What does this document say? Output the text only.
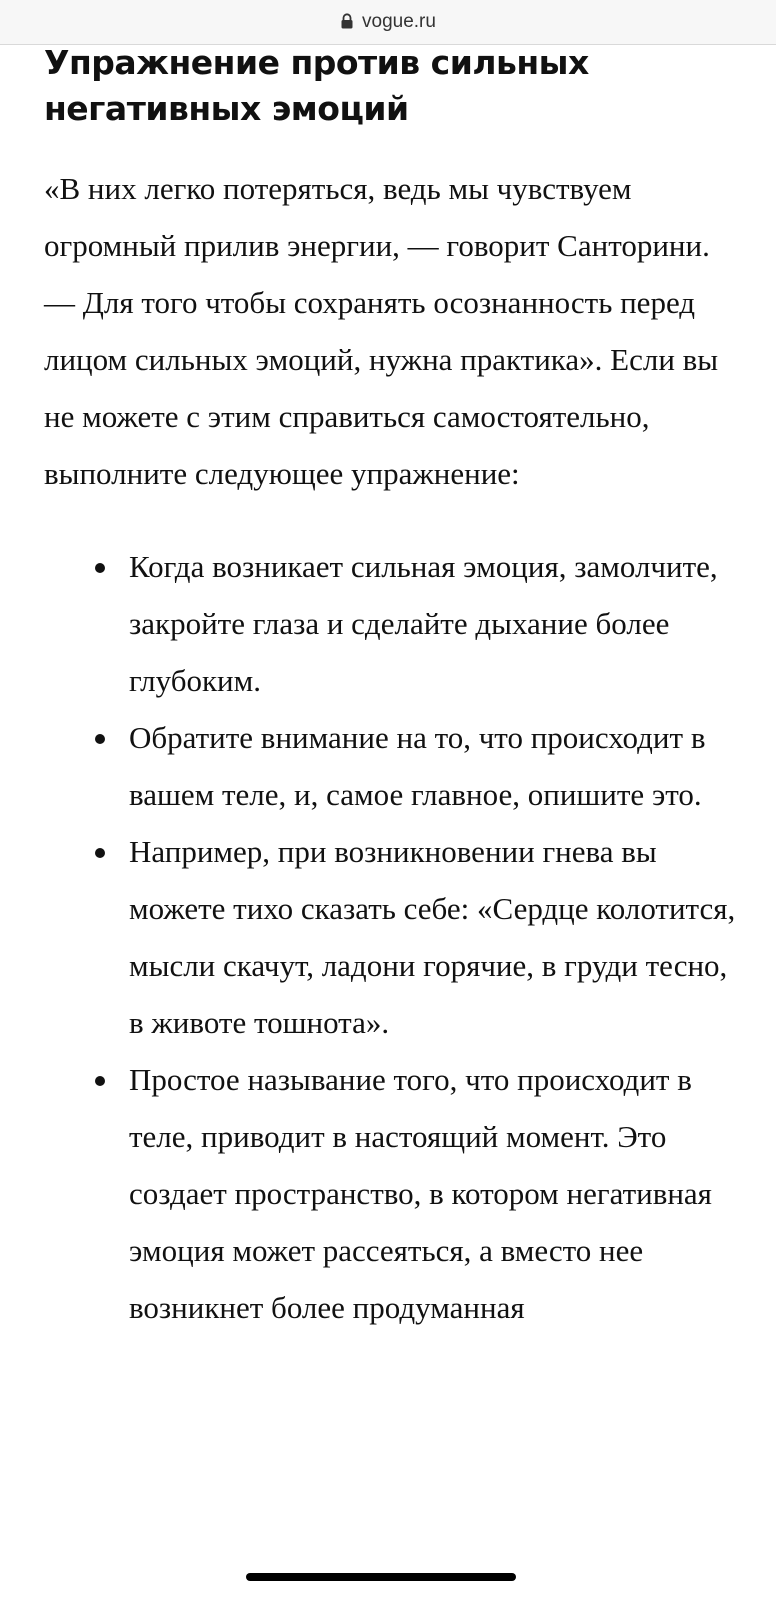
vogue.ru
Упражнение против сильных негативных эмоций

«В них легко потеряться, ведь мы чувствуем огромный прилив энергии, — говорит Санторини. — Для того чтобы сохранять осознанность перед лицом сильных эмоций, нужна практика». Если вы не можете с этим справиться самостоятельно, выполните следующее упражнение:

Когда возникает сильная эмоция, замолчите, закройте глаза и сделайте дыхание более глубоким.
Обратите внимание на то, что происходит в вашем теле, и, самое главное, опишите это.
Например, при возникновении гнева вы можете тихо сказать себе: «Сердце колотится, мысли скачут, ладони горячие, в груди тесно, в животе тошнота».
Простое называние того, что происходит в теле, приводит в настоящий момент. Это создает пространство, в котором негативная эмоция может рассеяться, а вместо нее возникнет более продуманная
